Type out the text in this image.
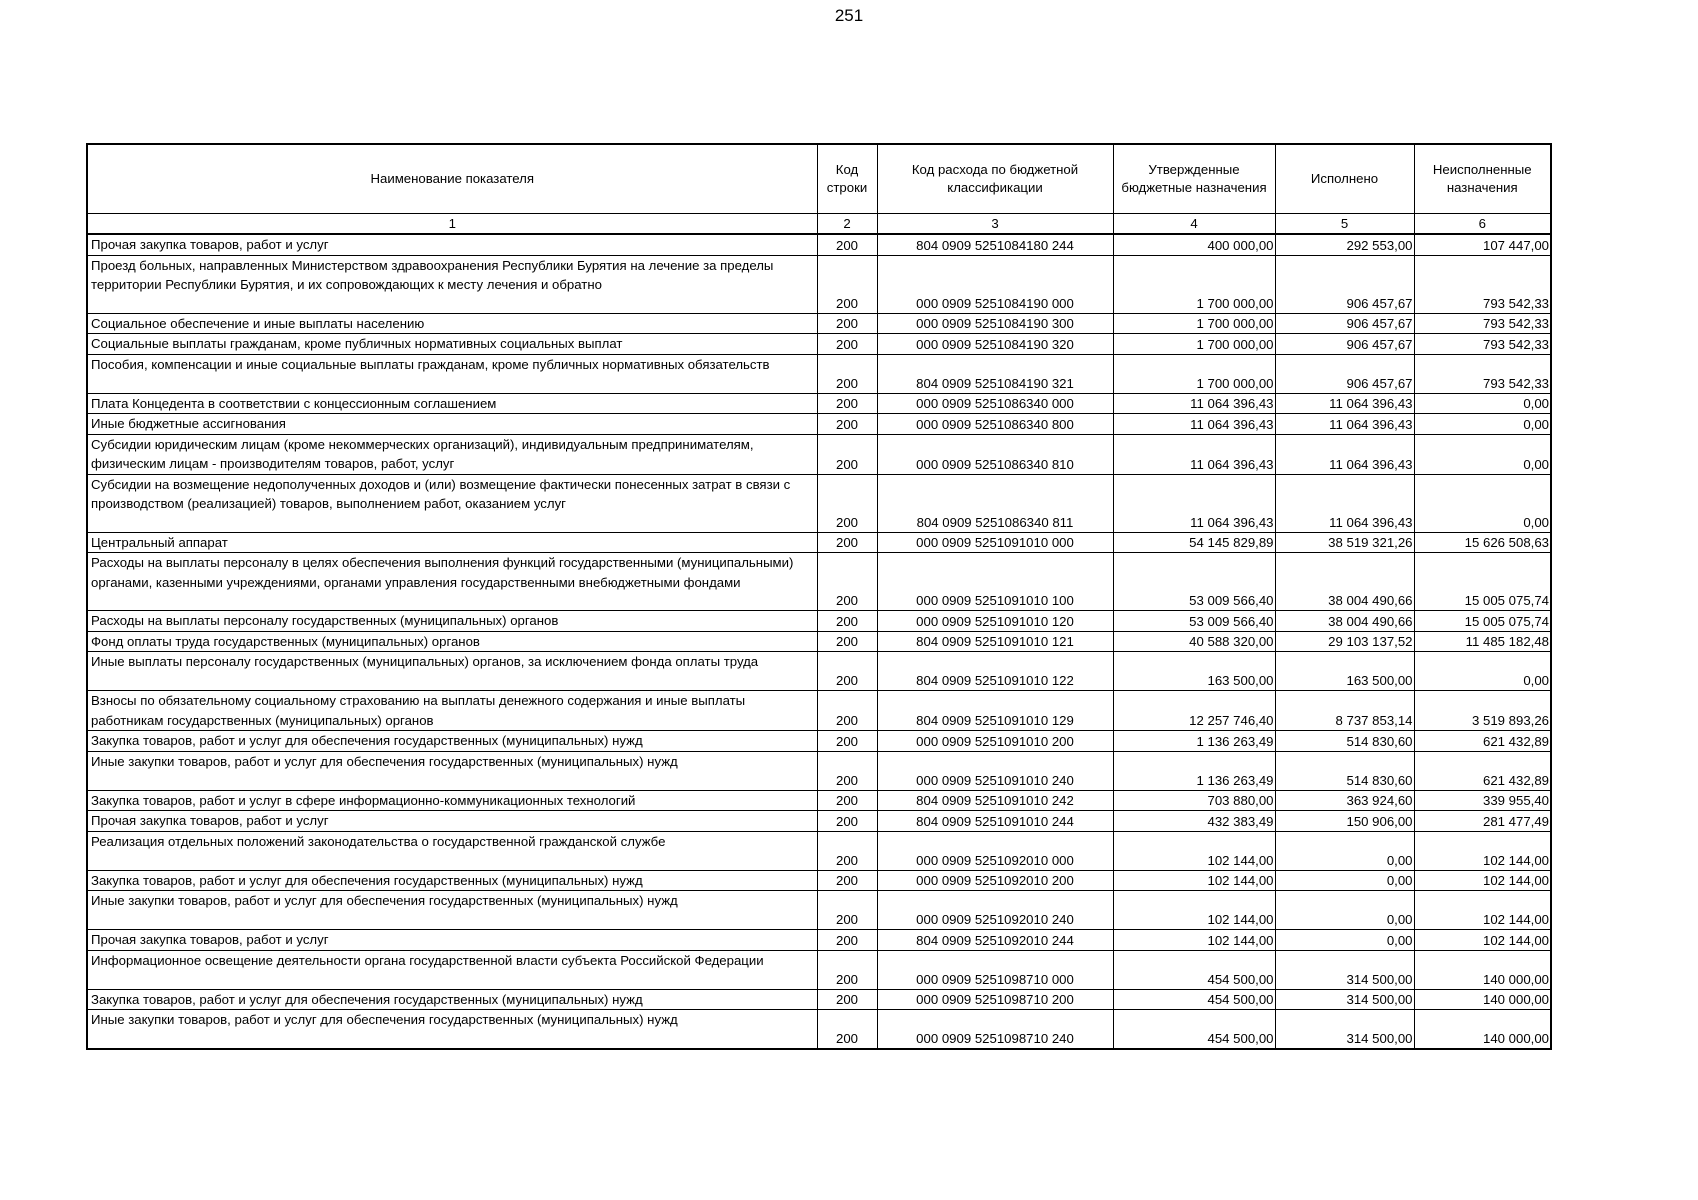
251
Наименование показателя	Код строки	Код расхода по бюджетной классификации	Утвержденные бюджетные назначения	Исполнено	Неисполненные назначения
1	2	3	4	5	6
Прочая закупка товаров, работ и услуг	200	804 0909 5251084180 244	400 000,00	292 553,00	107 447,00
Проезд больных, направленных Министерством здравоохранения Республики Бурятия на лечение за пределы территории Республики Бурятия, и их сопровождающих к месту лечения и обратно	200	000 0909 5251084190 000	1 700 000,00	906 457,67	793 542,33
Социальное обеспечение и иные выплаты населению	200	000 0909 5251084190 300	1 700 000,00	906 457,67	793 542,33
Социальные выплаты гражданам, кроме публичных нормативных социальных выплат	200	000 0909 5251084190 320	1 700 000,00	906 457,67	793 542,33
Пособия, компенсации и иные социальные выплаты гражданам, кроме публичных нормативных обязательств	200	804 0909 5251084190 321	1 700 000,00	906 457,67	793 542,33
Плата Концедента в соответствии с концессионным соглашением	200	000 0909 5251086340 000	11 064 396,43	11 064 396,43	0,00
Иные бюджетные ассигнования	200	000 0909 5251086340 800	11 064 396,43	11 064 396,43	0,00
Субсидии юридическим лицам (кроме некоммерческих организаций), индивидуальным предпринимателям, физическим лицам - производителям товаров, работ, услуг	200	000 0909 5251086340 810	11 064 396,43	11 064 396,43	0,00
Субсидии на возмещение недополученных доходов и (или) возмещение фактически понесенных затрат в связи с производством (реализацией) товаров, выполнением работ, оказанием услуг	200	804 0909 5251086340 811	11 064 396,43	11 064 396,43	0,00
Центральный аппарат	200	000 0909 5251091010 000	54 145 829,89	38 519 321,26	15 626 508,63
Расходы на выплаты персоналу в целях обеспечения выполнения функций государственными (муниципальными) органами, казенными учреждениями, органами управления государственными внебюджетными фондами	200	000 0909 5251091010 100	53 009 566,40	38 004 490,66	15 005 075,74
Расходы на выплаты персоналу государственных (муниципальных) органов	200	000 0909 5251091010 120	53 009 566,40	38 004 490,66	15 005 075,74
Фонд оплаты труда государственных (муниципальных) органов	200	804 0909 5251091010 121	40 588 320,00	29 103 137,52	11 485 182,48
Иные выплаты персоналу государственных (муниципальных) органов, за исключением фонда оплаты труда	200	804 0909 5251091010 122	163 500,00	163 500,00	0,00
Взносы по обязательному социальному страхованию на выплаты денежного содержания и иные выплаты работникам государственных (муниципальных) органов	200	804 0909 5251091010 129	12 257 746,40	8 737 853,14	3 519 893,26
Закупка товаров, работ и услуг для обеспечения государственных (муниципальных) нужд	200	000 0909 5251091010 200	1 136 263,49	514 830,60	621 432,89
Иные закупки товаров, работ и услуг для обеспечения государственных (муниципальных) нужд	200	000 0909 5251091010 240	1 136 263,49	514 830,60	621 432,89
Закупка товаров, работ и услуг в сфере информационно-коммуникационных технологий	200	804 0909 5251091010 242	703 880,00	363 924,60	339 955,40
Прочая закупка товаров, работ и услуг	200	804 0909 5251091010 244	432 383,49	150 906,00	281 477,49
Реализация отдельных положений законодательства о государственной гражданской службе	200	000 0909 5251092010 000	102 144,00	0,00	102 144,00
Закупка товаров, работ и услуг для обеспечения государственных (муниципальных) нужд	200	000 0909 5251092010 200	102 144,00	0,00	102 144,00
Иные закупки товаров, работ и услуг для обеспечения государственных (муниципальных) нужд	200	000 0909 5251092010 240	102 144,00	0,00	102 144,00
Прочая закупка товаров, работ и услуг	200	804 0909 5251092010 244	102 144,00	0,00	102 144,00
Информационное освещение деятельности органа государственной власти субъекта Российской Федерации	200	000 0909 5251098710 000	454 500,00	314 500,00	140 000,00
Закупка товаров, работ и услуг для обеспечения государственных (муниципальных) нужд	200	000 0909 5251098710 200	454 500,00	314 500,00	140 000,00
Иные закупки товаров, работ и услуг для обеспечения государственных (муниципальных) нужд	200	000 0909 5251098710 240	454 500,00	314 500,00	140 000,00
